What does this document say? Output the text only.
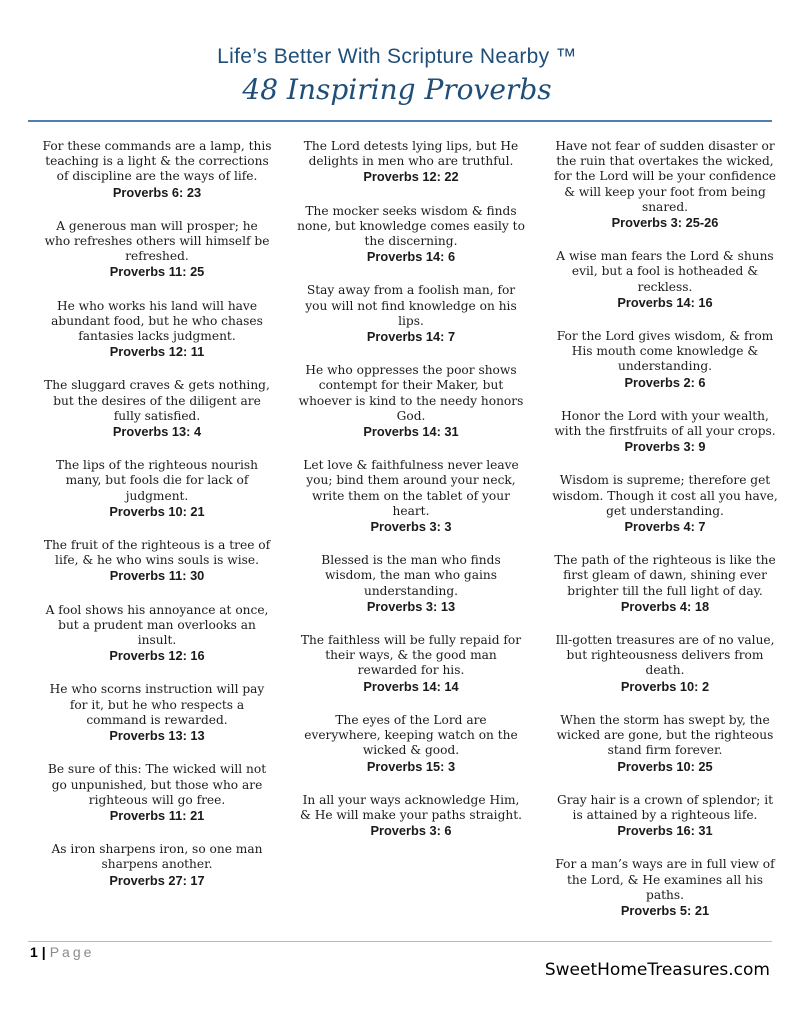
Life’s Better With Scripture Nearby ™
48 Inspiring Proverbs
For these commands are a lamp, this teaching is a light & the corrections of discipline are the ways of life.
Proverbs 6: 23
A generous man will prosper; he who refreshes others will himself be refreshed.
Proverbs 11: 25
He who works his land will have abundant food, but he who chases fantasies lacks judgment.
Proverbs 12: 11
The sluggard craves & gets nothing, but the desires of the diligent are fully satisfied.
Proverbs 13: 4
The lips of the righteous nourish many, but fools die for lack of judgment.
Proverbs 10: 21
The fruit of the righteous is a tree of life, & he who wins souls is wise.
Proverbs 11: 30
A fool shows his annoyance at once, but a prudent man overlooks an insult.
Proverbs 12: 16
He who scorns instruction will pay for it, but he who respects a command is rewarded.
Proverbs 13: 13
Be sure of this: The wicked will not go unpunished, but those who are righteous will go free.
Proverbs 11: 21
As iron sharpens iron, so one man sharpens another.
Proverbs 27: 17
The Lord detests lying lips, but He delights in men who are truthful.
Proverbs 12: 22
The mocker seeks wisdom & finds none, but knowledge comes easily to the discerning.
Proverbs 14: 6
Stay away from a foolish man, for you will not find knowledge on his lips.
Proverbs 14: 7
He who oppresses the poor shows contempt for their Maker, but whoever is kind to the needy honors God.
Proverbs 14: 31
Let love & faithfulness never leave you; bind them around your neck, write them on the tablet of your heart.
Proverbs 3: 3
Blessed is the man who finds wisdom, the man who gains understanding.
Proverbs 3: 13
The faithless will be fully repaid for their ways, & the good man rewarded for his.
Proverbs 14: 14
The eyes of the Lord are everywhere, keeping watch on the wicked & good.
Proverbs 15: 3
In all your ways acknowledge Him, & He will make your paths straight.
Proverbs 3: 6
Have not fear of sudden disaster or the ruin that overtakes the wicked, for the Lord will be your confidence & will keep your foot from being snared.
Proverbs 3: 25-26
A wise man fears the Lord & shuns evil, but a fool is hotheaded & reckless.
Proverbs 14: 16
For the Lord gives wisdom, & from His mouth come knowledge & understanding.
Proverbs 2: 6
Honor the Lord with your wealth, with the firstfruits of all your crops.
Proverbs 3: 9
Wisdom is supreme; therefore get wisdom. Though it cost all you have, get understanding.
Proverbs 4: 7
The path of the righteous is like the first gleam of dawn, shining ever brighter till the full light of day.
Proverbs 4: 18
Ill-gotten treasures are of no value, but righteousness delivers from death.
Proverbs 10: 2
When the storm has swept by, the wicked are gone, but the righteous stand firm forever.
Proverbs 10: 25
Gray hair is a crown of splendor; it is attained by a righteous life.
Proverbs 16: 31
For a man’s ways are in full view of the Lord, & He examines all his paths.
Proverbs 5: 21
1 | Page
SweetHomeTreasures.com
